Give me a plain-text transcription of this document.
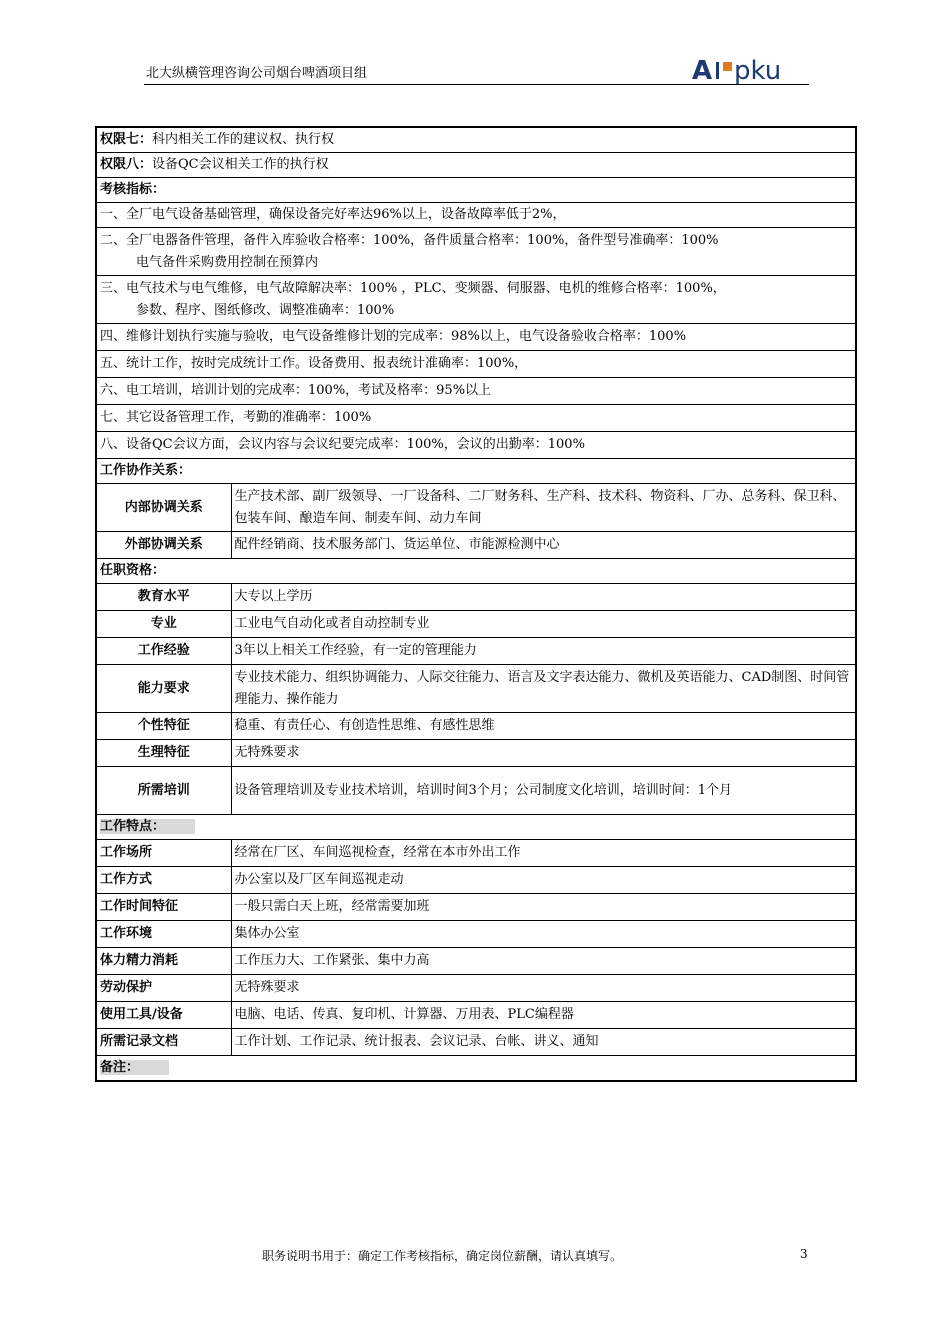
北大纵横管理咨询公司烟台啤酒项目组	A pku
权限七：科内相关工作的建议权、执行权	
权限八：设备QC会议相关工作的执行权	
考核指标：	
一、全厂电气设备基础管理，确保设备完好率达96%以上，设备故障率低于2%，	

二、全厂电器备件管理，备件入库验收合格率：100%，备件质量合格率：100%，备件型号准确率：100%
电气备件采购费用控制在预算内	

三、电气技术与电气维修，电气故障解决率：100% ，PLC、变频器、伺服器、电机的维修合格率：100%，
参数、程序、图纸修改、调整准确率：100%	

四、维修计划执行实施与验收，电气设备维修计划的完成率：98%以上，电气设备验收合格率：100%	
五、统计工作，按时完成统计工作。设备费用、报表统计准确率：100%，	
六、电工培训，培训计划的完成率：100%，考试及格率：95%以上	
七、其它设备管理工作，考勤的准确率：100%	
八、设备QC会议方面，会议内容与会议纪要完成率：100%，会议的出勤率：100%	
工作协作关系：	
内部协调关系	生产技术部、副厂级领导、一厂设备科、二厂财务科、生产科、技术科、物资科、厂办、总务科、保卫科、包装车间、酿造车间、制麦车间、动力车间
外部协调关系	配件经销商、技术服务部门、货运单位、市能源检测中心
任职资格：	
教育水平	大专以上学历
专业	工业电气自动化或者自动控制专业
工作经验	3年以上相关工作经验，有一定的管理能力
能力要求	专业技术能力、组织协调能力、人际交往能力、语言及文字表达能力、微机及英语能力、CAD制图、时间管理能力、操作能力
个性特征	稳重、有责任心、有创造性思维、有感性思维
生理特征	无特殊要求
所需培训	设备管理培训及专业技术培训，培训时间3个月；公司制度文化培训，培训时间：1个月
工作特点：	
工作场所	经常在厂区、车间巡视检查，经常在本市外出工作
工作方式	办公室以及厂区车间巡视走动
工作时间特征	一般只需白天上班，经常需要加班
工作环境	集体办公室
体力精力消耗	工作压力大、工作紧张、集中力高
劳动保护	无特殊要求
使用工具/设备	电脑、电话、传真、复印机、计算器、万用表、PLC编程器
所需记录文档	工作计划、工作记录、统计报表、会议记录、台帐、讲义、通知
备注：	
职务说明书用于：确定工作考核指标，确定岗位薪酬，请认真填写。	3
